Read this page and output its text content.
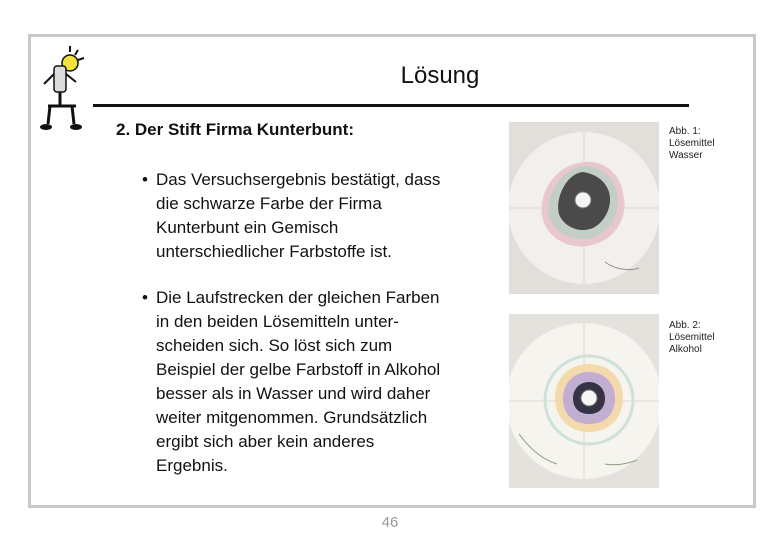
Lösung
2. Der Stift Firma Kunterbunt:
• Das Versuchsergebnis bestätigt, dass
die schwarze Farbe der Firma
Kunterbunt ein Gemisch
unterschiedlicher Farbstoffe ist.
• Die Laufstrecken der gleichen Farben
in den beiden Lösemitteln unter-
scheiden sich. So löst sich zum
Beispiel der gelbe Farbstoff in Alkohol
besser als in Wasser und wird daher
weiter mitgenommen. Grundsätzlich
ergibt sich aber kein anderes
Ergebnis.
Abb. 1:
Lösemittel
Wasser
Abb. 2:
Lösemittel
Alkohol
46
